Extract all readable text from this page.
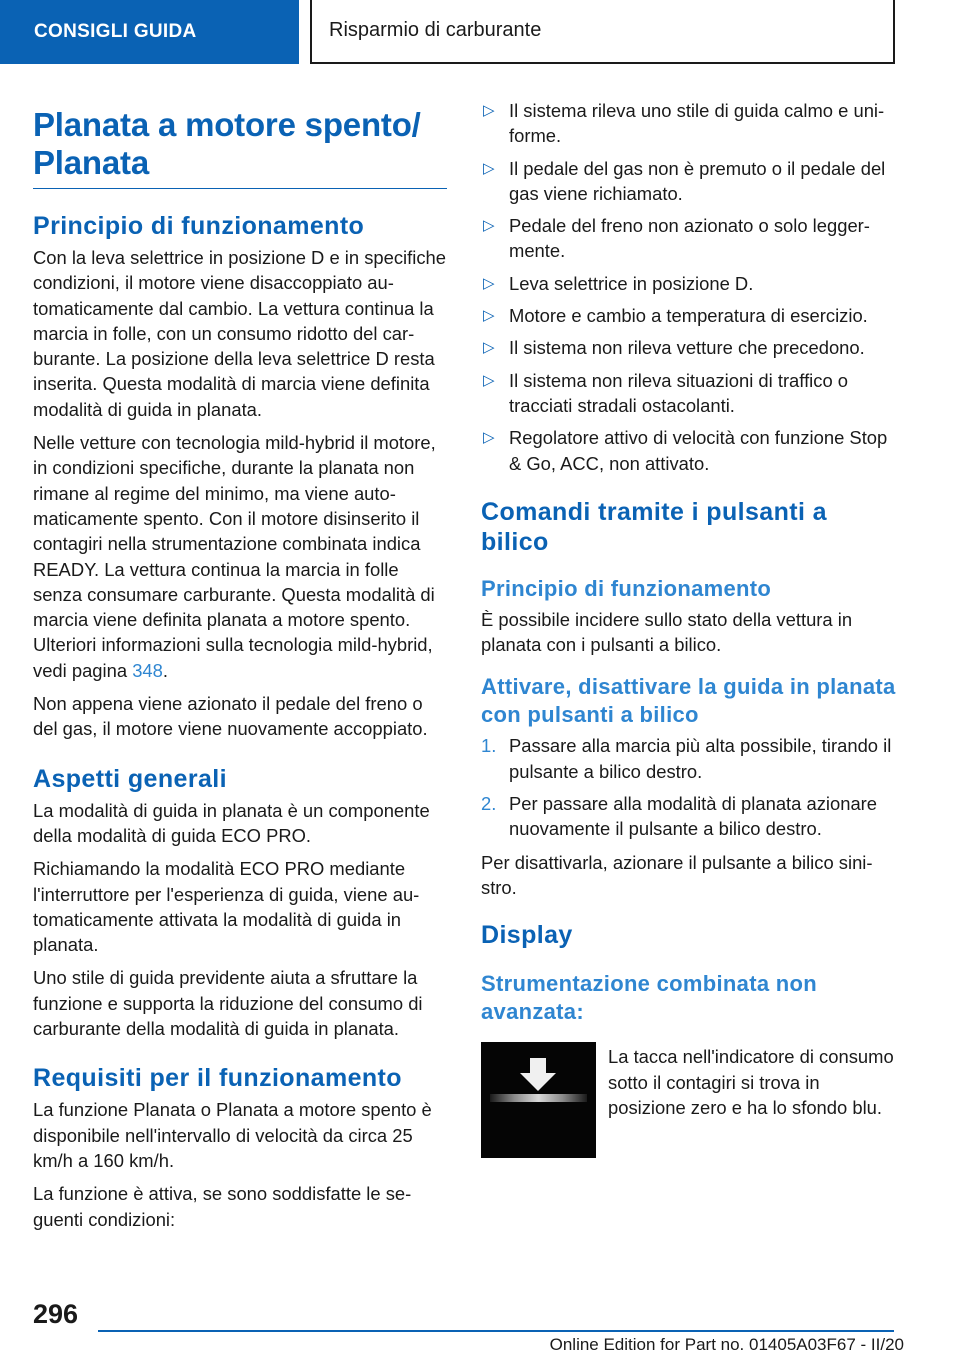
CONSIGLI GUIDA	Risparmio di carburante
Planata a motore spento/
Planata
Principio di funzionamento

Con la leva selettrice in posizione D e in specifiche condizioni, il motore viene disaccoppiato automaticamente dal cambio. La vettura continua la marcia in folle, con un consumo ridotto del carburante. La posizione della leva selettrice D resta inserita. Questa modalità di marcia viene definita modalità di guida in planata.

Nelle vetture con tecnologia mild-hybrid il motore, in condizioni specifiche, durante la planata non rimane al regime del minimo, ma viene automaticamente spento. Con il motore disinserito il contagiri nella strumentazione combinata indica READY. La vettura continua la marcia in folle senza consumare carburante. Questa modalità di marcia viene definita planata a motore spento. Ulteriori informazioni sulla tecnologia mild-hybrid, vedi pagina 348.

Non appena viene azionato il pedale del freno o del gas, il motore viene nuovamente accoppiato.

Aspetti generali

La modalità di guida in planata è un componente della modalità di guida ECO PRO.

Richiamando la modalità ECO PRO mediante l'interruttore per l'esperienza di guida, viene automaticamente attivata la modalità di guida in planata.

Uno stile di guida previdente aiuta a sfruttare la funzione e supporta la riduzione del consumo di carburante della modalità di guida in planata.

Requisiti per il funzionamento

La funzione Planata o Planata a motore spento è disponibile nell'intervallo di velocità da circa 25 km/h a 160 km/h.

La funzione è attiva, se sono soddisfatte le seguenti condizioni:

▷ Il sistema rileva uno stile di guida calmo e uniforme.
▷ Il pedale del gas non è premuto o il pedale del gas viene richiamato.
▷ Pedale del freno non azionato o solo leggermente.
▷ Leva selettrice in posizione D.
▷ Motore e cambio a temperatura di esercizio.
▷ Il sistema non rileva vetture che precedono.
▷ Il sistema non rileva situazioni di traffico o tracciati stradali ostacolanti.
▷ Regolatore attivo di velocità con funzione Stop & Go, ACC, non attivato.
Comandi tramite i pulsanti a bilico
Principio di funzionamento

È possibile incidere sullo stato della vettura in planata con i pulsanti a bilico.

Attivare, disattivare la guida in planata con pulsanti a bilico
1. Passare alla marcia più alta possibile, tirando il pulsante a bilico destro.
2. Per passare alla modalità di planata azionare nuovamente il pulsante a bilico destro.

Per disattivarla, azionare il pulsante a bilico sinistro.

Display
Strumentazione combinata non avanzata:
La tacca nell'indicatore di consumo sotto il contagiri si trova in posizione zero e ha lo sfondo blu.
296
Online Edition for Part no. 01405A03F67 - II/20
